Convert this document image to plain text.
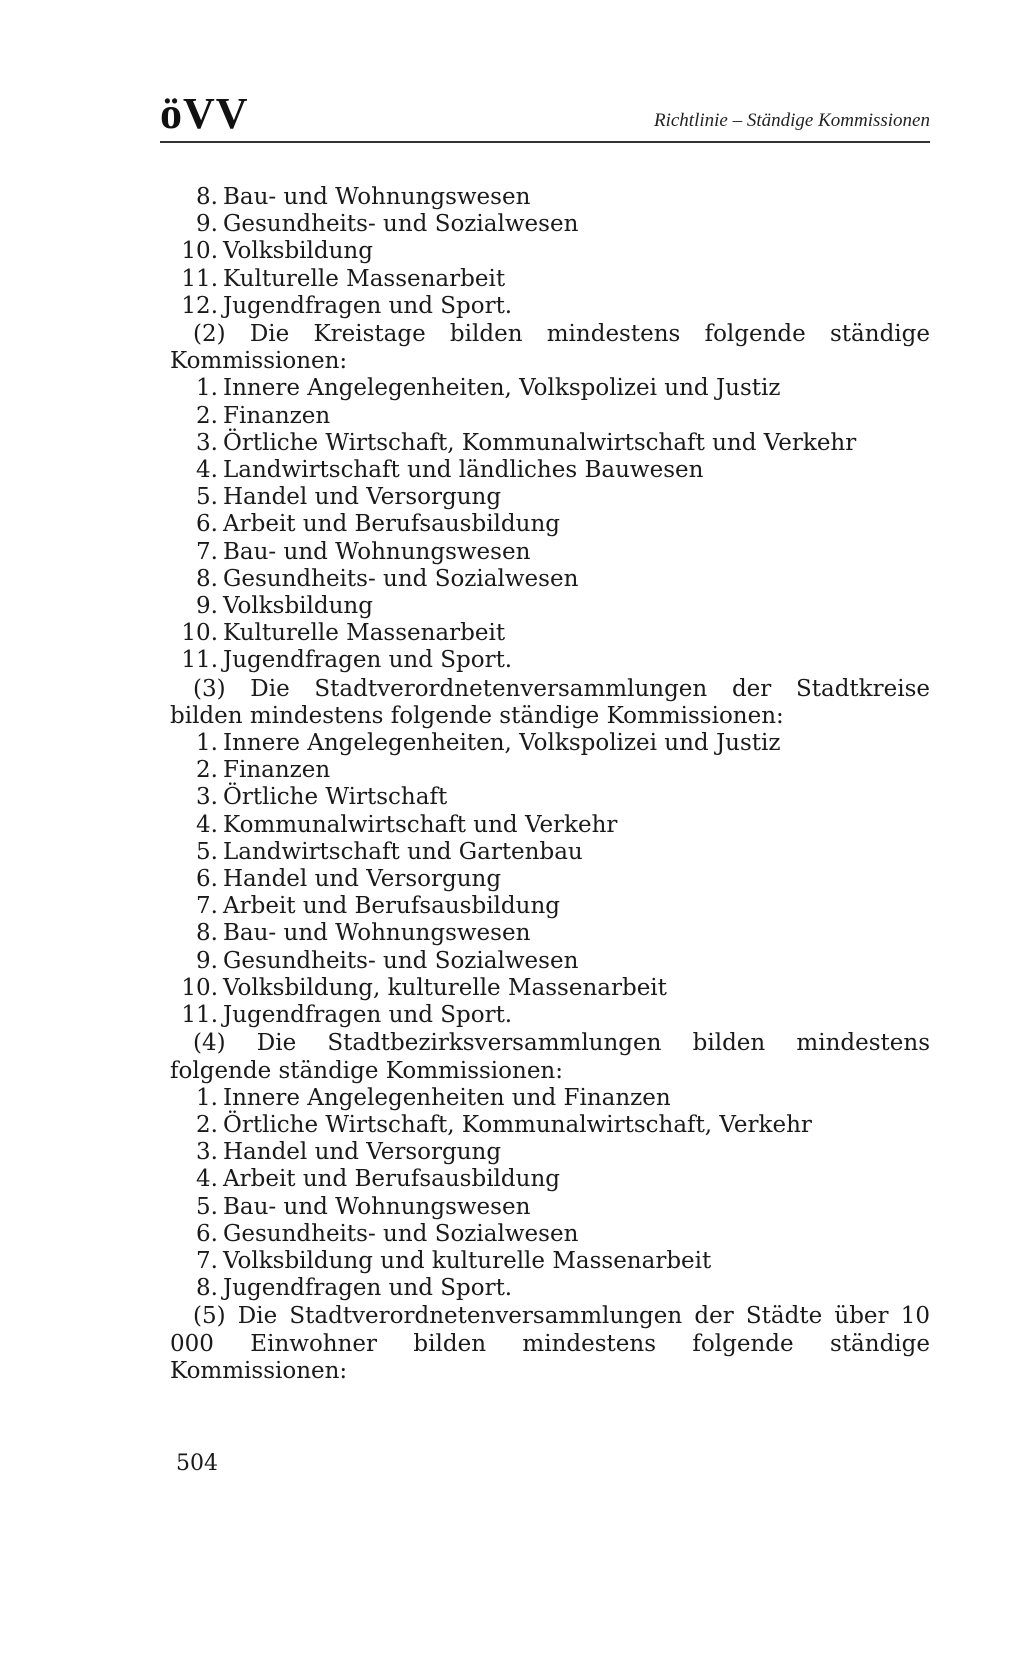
öVV	Richtlinie – Ständige Kommissionen
8. Bau- und Wohnungswesen
9. Gesundheits- und Sozialwesen
10. Volksbildung
11. Kulturelle Massenarbeit
12. Jugendfragen und Sport.
(2) Die Kreistage bilden mindestens folgende ständige Kommissionen:
1. Innere Angelegenheiten, Volkspolizei und Justiz
2. Finanzen
3. Örtliche Wirtschaft, Kommunalwirtschaft und Verkehr
4. Landwirtschaft und ländliches Bauwesen
5. Handel und Versorgung
6. Arbeit und Berufsausbildung
7. Bau- und Wohnungswesen
8. Gesundheits- und Sozialwesen
9. Volksbildung
10. Kulturelle Massenarbeit
11. Jugendfragen und Sport.
(3) Die Stadtverordnetenversammlungen der Stadtkreise bilden mindestens folgende ständige Kommissionen:
1. Innere Angelegenheiten, Volkspolizei und Justiz
2. Finanzen
3. Örtliche Wirtschaft
4. Kommunalwirtschaft und Verkehr
5. Landwirtschaft und Gartenbau
6. Handel und Versorgung
7. Arbeit und Berufsausbildung
8. Bau- und Wohnungswesen
9. Gesundheits- und Sozialwesen
10. Volksbildung, kulturelle Massenarbeit
11. Jugendfragen und Sport.
(4) Die Stadtbezirksversammlungen bilden mindestens folgende ständige Kommissionen:
1. Innere Angelegenheiten und Finanzen
2. Örtliche Wirtschaft, Kommunalwirtschaft, Verkehr
3. Handel und Versorgung
4. Arbeit und Berufsausbildung
5. Bau- und Wohnungswesen
6. Gesundheits- und Sozialwesen
7. Volksbildung und kulturelle Massenarbeit
8. Jugendfragen und Sport.
(5) Die Stadtverordnetenversammlungen der Städte über 10 000 Einwohner bilden mindestens folgende ständige Kommissionen:
504
